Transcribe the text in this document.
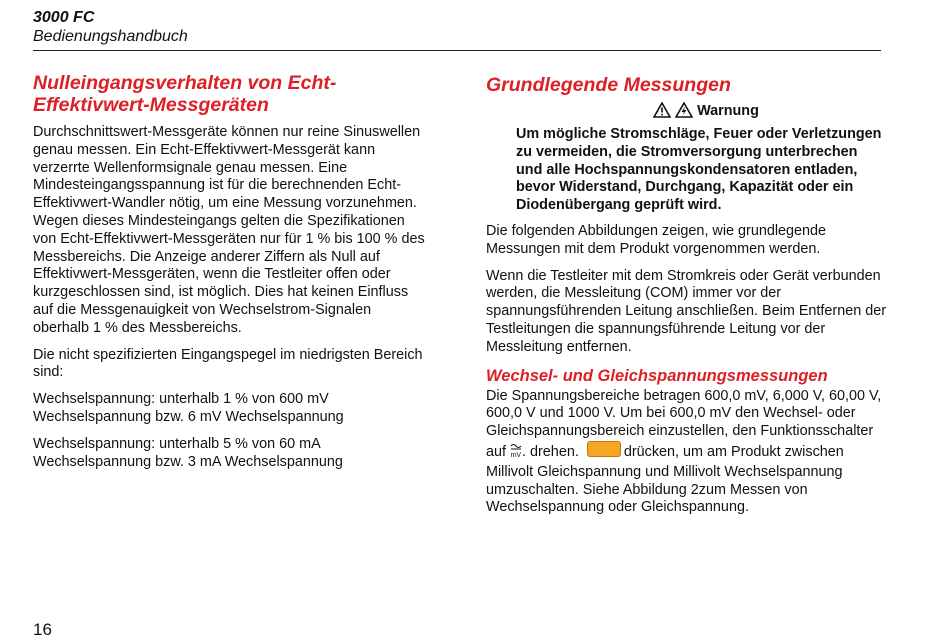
3000 FC
Bedienungshandbuch
Nulleingangsverhalten von Echt-
Effektivwert-Messgeräten

Durchschnittswert-Messgeräte können nur reine Sinuswellen genau messen. Ein Echt-Effektivwert-Messgerät kann verzerrte Wellenformsignale genau messen. Eine Mindesteingangsspannung ist für die berechnenden Echt-Effektivwert-Wandler nötig, um eine Messung vorzunehmen. Wegen dieses Mindesteingangs gelten die Spezifikationen von Echt-Effektivwert-Messgeräten nur für 1 % bis 100 % des Messbereichs. Die Anzeige anderer Ziffern als Null auf Effektivwert-Messgeräten, wenn die Testleiter offen oder kurzgeschlossen sind, ist möglich. Dies hat keinen Einfluss auf die Messgenauigkeit von Wechselstrom-Signalen oberhalb 1 % des Messbereichs.

Die nicht spezifizierten Eingangspegel im niedrigsten Bereich sind:

Wechselspannung: unterhalb 1 % von 600 mV
Wechselspannung bzw. 6 mV Wechselspannung

Wechselspannung: unterhalb 5 % von 60 mA
Wechselspannung bzw. 3 mA Wechselspannung

Grundlegende Messungen
Warnung
Um mögliche Stromschläge, Feuer oder Verletzungen zu vermeiden, die Stromversorgung unterbrechen und alle Hochspannungskondensatoren entladen, bevor Widerstand, Durchgang, Kapazität oder ein Diodenübergang geprüft wird.

Die folgenden Abbildungen zeigen, wie grundlegende Messungen mit dem Produkt vorgenommen werden.

Wenn die Testleiter mit dem Stromkreis oder Gerät verbunden werden, die Messleitung (COM) immer vor der spannungsführenden Leitung anschließen. Beim Entfernen der Testleitungen die spannungsführende Leitung vor der Messleitung entfernen.

Wechsel- und Gleichspannungsmessungen

Die Spannungsbereiche betragen 600,0 mV, 6,000 V, 60,00 V, 600,0 V und 1000 V. Um bei 600,0 mV den Wechsel- oder Gleichspannungsbereich einzustellen, den Funktionsschalter auf mV . drehen.	drücken, um am Produkt zwischen Millivolt Gleichspannung und Millivolt Wechselspannung umzuschalten. Siehe Abbildung 2zum Messen von Wechselspannung oder Gleichspannung.

16
